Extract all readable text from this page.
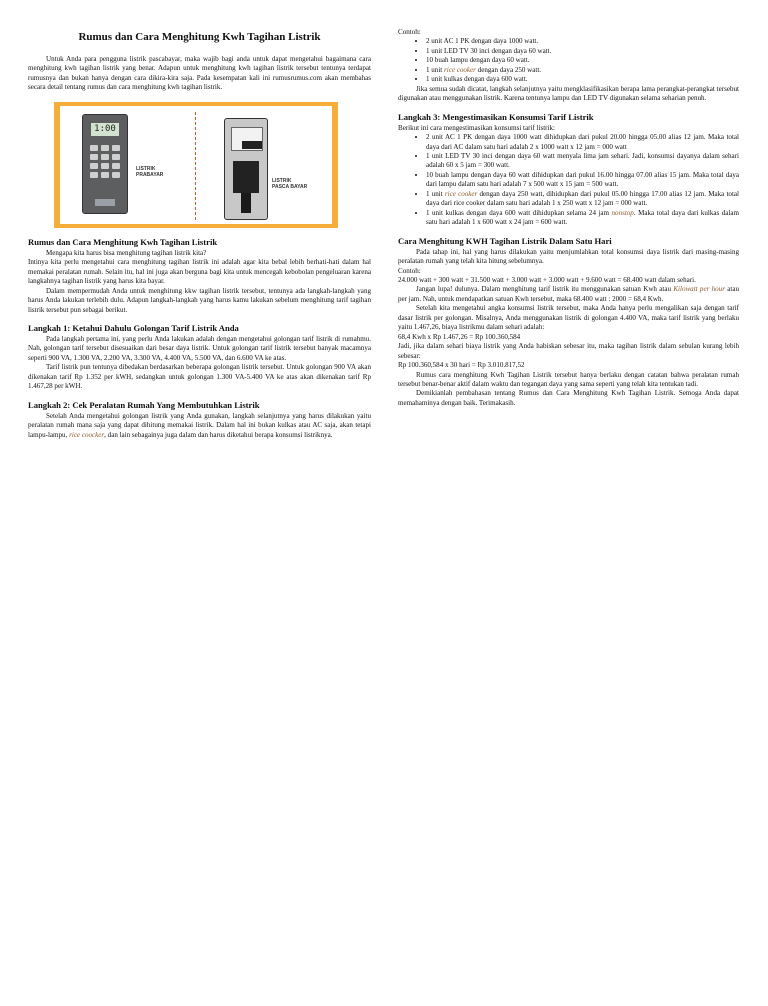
Rumus dan Cara Menghitung Kwh Tagihan Listrik

Untuk Anda para pengguna listrik pascabayar, maka wajib bagi anda untuk dapat mengetahui bagaimana cara menghitung kwh tagihan listrik yang benar. Adapun untuk menghitung kwh tagihan listrik tersebut tentunya terdapat rumusnya dan bukan hanya dengan cara dikira-kira saja. Pada kesempatan kali ini rumusrumus.com akan membahas secara detail tentang rumus dan cara menghitung kwh tagihan listrik.

1:00
LISTRIK
PRABAYAR
LISTRIK
PASCA BAYAR
Rumus dan Cara Menghitung Kwh Tagihan Listrik

Mengapa kita harus bisa menghitung tagihan listrik kita?

Intinya kita perlu mengetahui cara menghitung tagihan listrik ini adalah agar kita bebal lebih berhati-hati dalam hal memakai peralatan rumah. Selain itu, hal ini juga akan berguna bagi kita untuk mencegah kebobolan pengeluaran karena langkahnya tagihan listrik yang harus kita bayar.

Dalam mempermudah Anda untuk menghitung kkw tagihan listrik tersebut, tentunya ada langkah-langkah yang harus Anda lakukan terlebih dulu. Adapun langkah-langkah yang harus kamu lakukan sebelum menghitung tarif tagihan listrik tersebut pun sebagai berikut.

Langkah 1: Ketahui Dahulu Golongan Tarif Listrik Anda

Pada langkah pertama ini, yang perlu Anda lakukan adalah dengan mengetahui golongan tarif listrik di rumahmu. Nah, golongan tarif tersebut disesuaikan dari besar daya listrik. Untuk golongan tarif listrik tersebut banyak macamnya seperti 900 VA, 1.300 VA, 2.200 VA, 3.300 VA, 4.400 VA, 5.500 VA, dan 6.600 VA ke atas.

Tarif listrik pun tentunya dibedakan berdasarkan beberapa golongan listrik tersebut. Untuk golongan 900 VA akan dikenakan tarif Rp 1.352 per kWH, sedangkan untuk golongan 1.300 VA-5.400 VA ke atas akan dikenakan tarif Rp 1.467,28 per kWH.

Langkah 2: Cek Peralatan Rumah Yang Membutuhkan Listrik

Setelah Anda mengetahui golongan listrik yang Anda gunakan, langkah selanjutnya yang harus dilakukan yaitu peralatan rumah mana saja yang dapat dihitung memakai listrik. Dalam hal ini bukan kulkas atau AC saja, akan tetapi lampu-lampu, rice coocker, dan lain sebagainya juga dalam dan harus diketahui berapa konsumsi listriknya.

Contoh:

• 2 unit AC 1 PK dengan daya 1000 watt.
• 1 unit LED TV 30 inci dengan daya 60 watt.
• 10 buah lampu dengan daya 60 watt.
• 1 unit rice cooker dengan daya 250 watt.
• 1 unit kulkas dengan daya 600 watt.

Jika semua sudah dicatat, langkah selanjutnya yaitu mengklasifikasikan berapa lama perangkat-perangkat tersebut digunakan atau menggunakan listrik. Karena tentunya lampu dan LED TV digunakan selama seharian penuh.

Langkah 3: Mengestimasikan Konsumsi Tarif Listrik

Berikut ini cara mengestimasikan konsumsi tarif listrik:

• 2 unit AC 1 PK dengan daya 1000 watt dihidupkan dari pukul 20.00 hingga 05.00 alias 12 jam. Maka total daya dari AC dalam satu hari adalah 2 x 1000 watt x 12 jam = 000 watt
• 1 unit LED TV 30 inci dengan daya 60 watt menyala lima jam sehari. Jadi, konsumsi dayanya dalam sehari adalah 60 x 5 jam = 300 watt.
• 10 buah lampu dengan daya 60 watt dihidupkan dari pukul 16.00 hingga 07.00 alias 15 jam. Maka total daya dari lampu dalam satu hari adalah 7 x 500 watt x 15 jam = 500 watt.
• 1 unit rice cooker dengan daya 250 watt, dihidupkan dari pukul 05.00 hingga 17.00 alias 12 jam. Maka total daya dari rice cooker dalam satu hari adalah 1 x 250 watt x 12 jam = 000 watt.
• 1 unit kulkas dengan daya 600 watt dihidupkan selama 24 jam nonstop. Maka total daya dari kulkas dalam satu hari adalah 1 x 600 watt x 24 jam = 600 watt.
Cara Menghitung KWH Tagihan Listrik Dalam Satu Hari

Pada tahap ini, hal yang harus dilakukan yaitu menjumlahkan total konsumsi daya listrik dari masing-masing peralatan rumah yang telah kita hitung sebelumnya.

Contoh:

24.000 watt + 300 watt + 31.500 watt + 3.000 watt + 3.000 watt + 9.600 watt = 68.400 watt dalam sehari.

Jangan lupa! dulunya. Dalam menghitung tarif listrik itu menggunakan satuan Kwh atau Kilowatt per hour atau per jam. Nah, untuk mendapatkan satuan Kwh tersebut, maka 68.400 watt : 2000 = 68,4 Kwh.

Setelah kita mengetahui angka konsumsi listrik tersebut, maka Anda hanya perlu mengalikan saja dengan tarif dasar listrik per golongan. Misalnya, Anda menggunakan listrik di golongan 4.400 VA, maka tarif listrik yang berlaku yaitu 1.467,26, biaya listrikmu dalam sehari adalah:

68,4 Kwh x Rp 1.467,26 = Rp 100.360,584

Jadi, jika dalam sehari biaya listrik yang Anda habiskan sebesar itu, maka tagihan listrik dalam sebulan kurang lebih sebesar:

Rp 100.360,584 x 30 hari = Rp 3.010.817,52

Rumus cara menghitung Kwh Tagihan Listrik tersebut hanya berlaku dengan catatan bahwa peralatan rumah tersebut benar-benar aktif dalam waktu dan tegangan daya yang sama seperti yang telah kita tentukan tadi.

Demikianlah pembahasan tentang Rumus dan Cara Menghitung Kwh Tagihan Listrik. Semoga Anda dapat memahaminya dengan baik. Terimakasih.
